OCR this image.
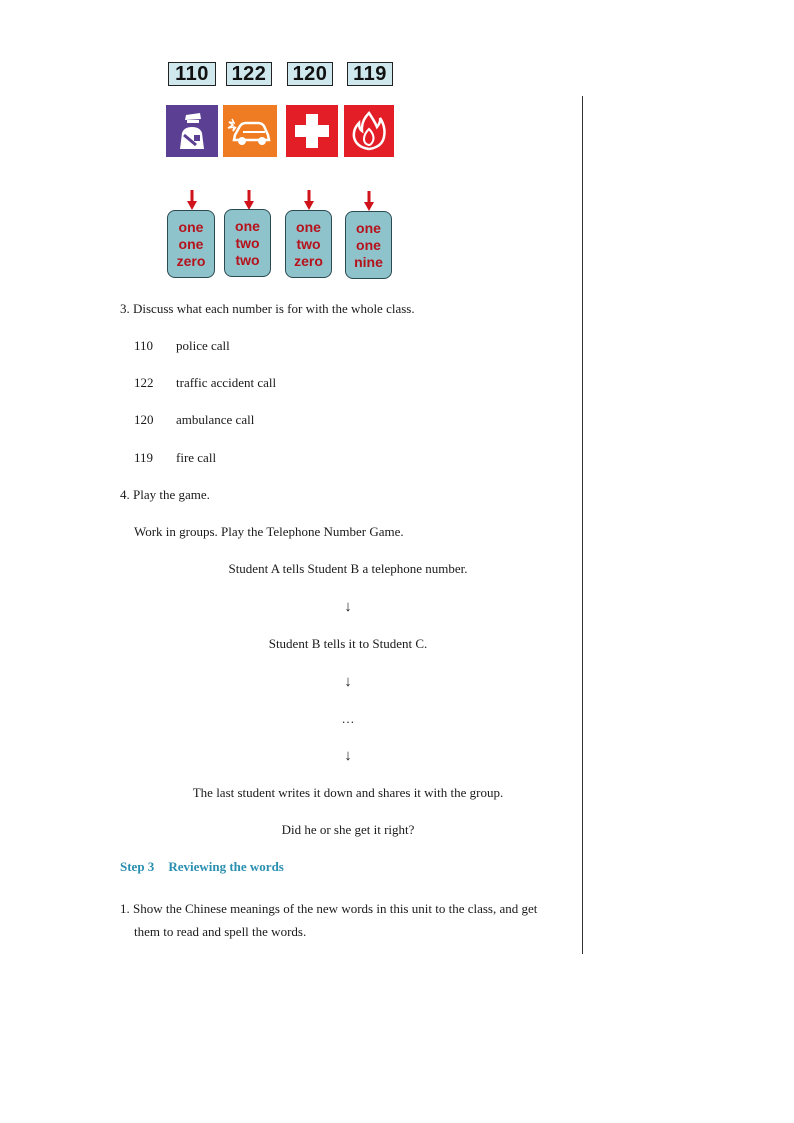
110
one
one
zero
122
one
two
two
120
one
two
zero
119
one
one
nine
3. Discuss what each number is for with the whole class.
110 police call
122 traffic accident call
120 ambulance call
119 fire call
4. Play the game.
Work in groups. Play the Telephone Number Game.
Student A tells Student B a telephone number.
↓
Student B tells it to Student C.
↓
…
↓
The last student writes it down and shares it with the group.
Did he or she get it right?
Step 3 Reviewing the words
1. Show the Chinese meanings of the new words in this unit to the class, and get
them to read and spell the words.
